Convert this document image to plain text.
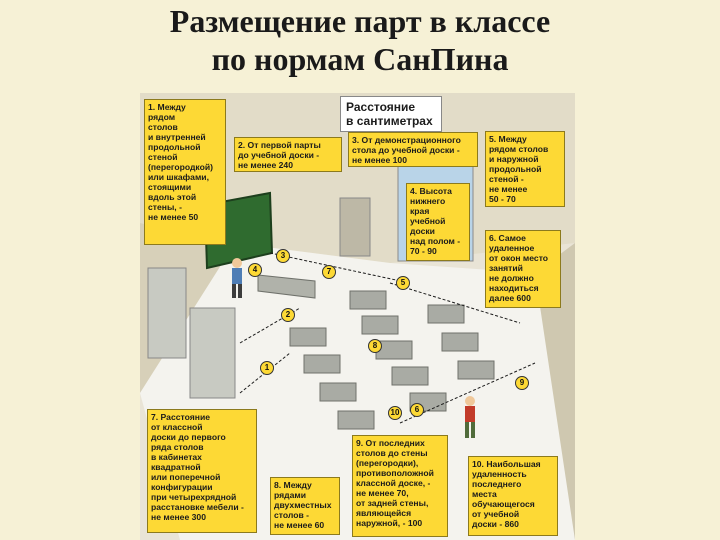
Размещение парт в классе
по нормам СанПина
Расстояние
в сантиметрах
1. Между
рядом
столов
и внутренней
продольной
стеной
(перегородкой)
или шкафами,
стоящими
вдоль этой
стены, -
не менее 50
2. От первой парты
до учебной доски -
не менее 240
3. От демонстрационного
стола до учебной доски -
не менее 100
4. Высота
нижнего
края
учебной
доски
над полом -
70 - 90
5. Между
рядом столов
и наружной
продольной
стеной -
не менее
50 - 70
6. Самое
удаленное
от окон место
занятий
не должно
находиться
далее 600
7. Расстояние
от классной
доски до первого
ряда столов
в кабинетах
квадратной
или поперечной
конфигурации
при четырехрядной
расстановке мебели -
не менее 300
8. Между
рядами
двухместных
столов -
не менее 60
9. От последних
столов до стены
(перегородки),
противоположной
классной доске, -
не менее 70,
от задней стены,
являющейся
наружной, - 100
10. Наибольшая
удаленность
последнего
места
обучающегося
от учебной
доски - 860
4
3
7
5
2
8
1
9
10	6
